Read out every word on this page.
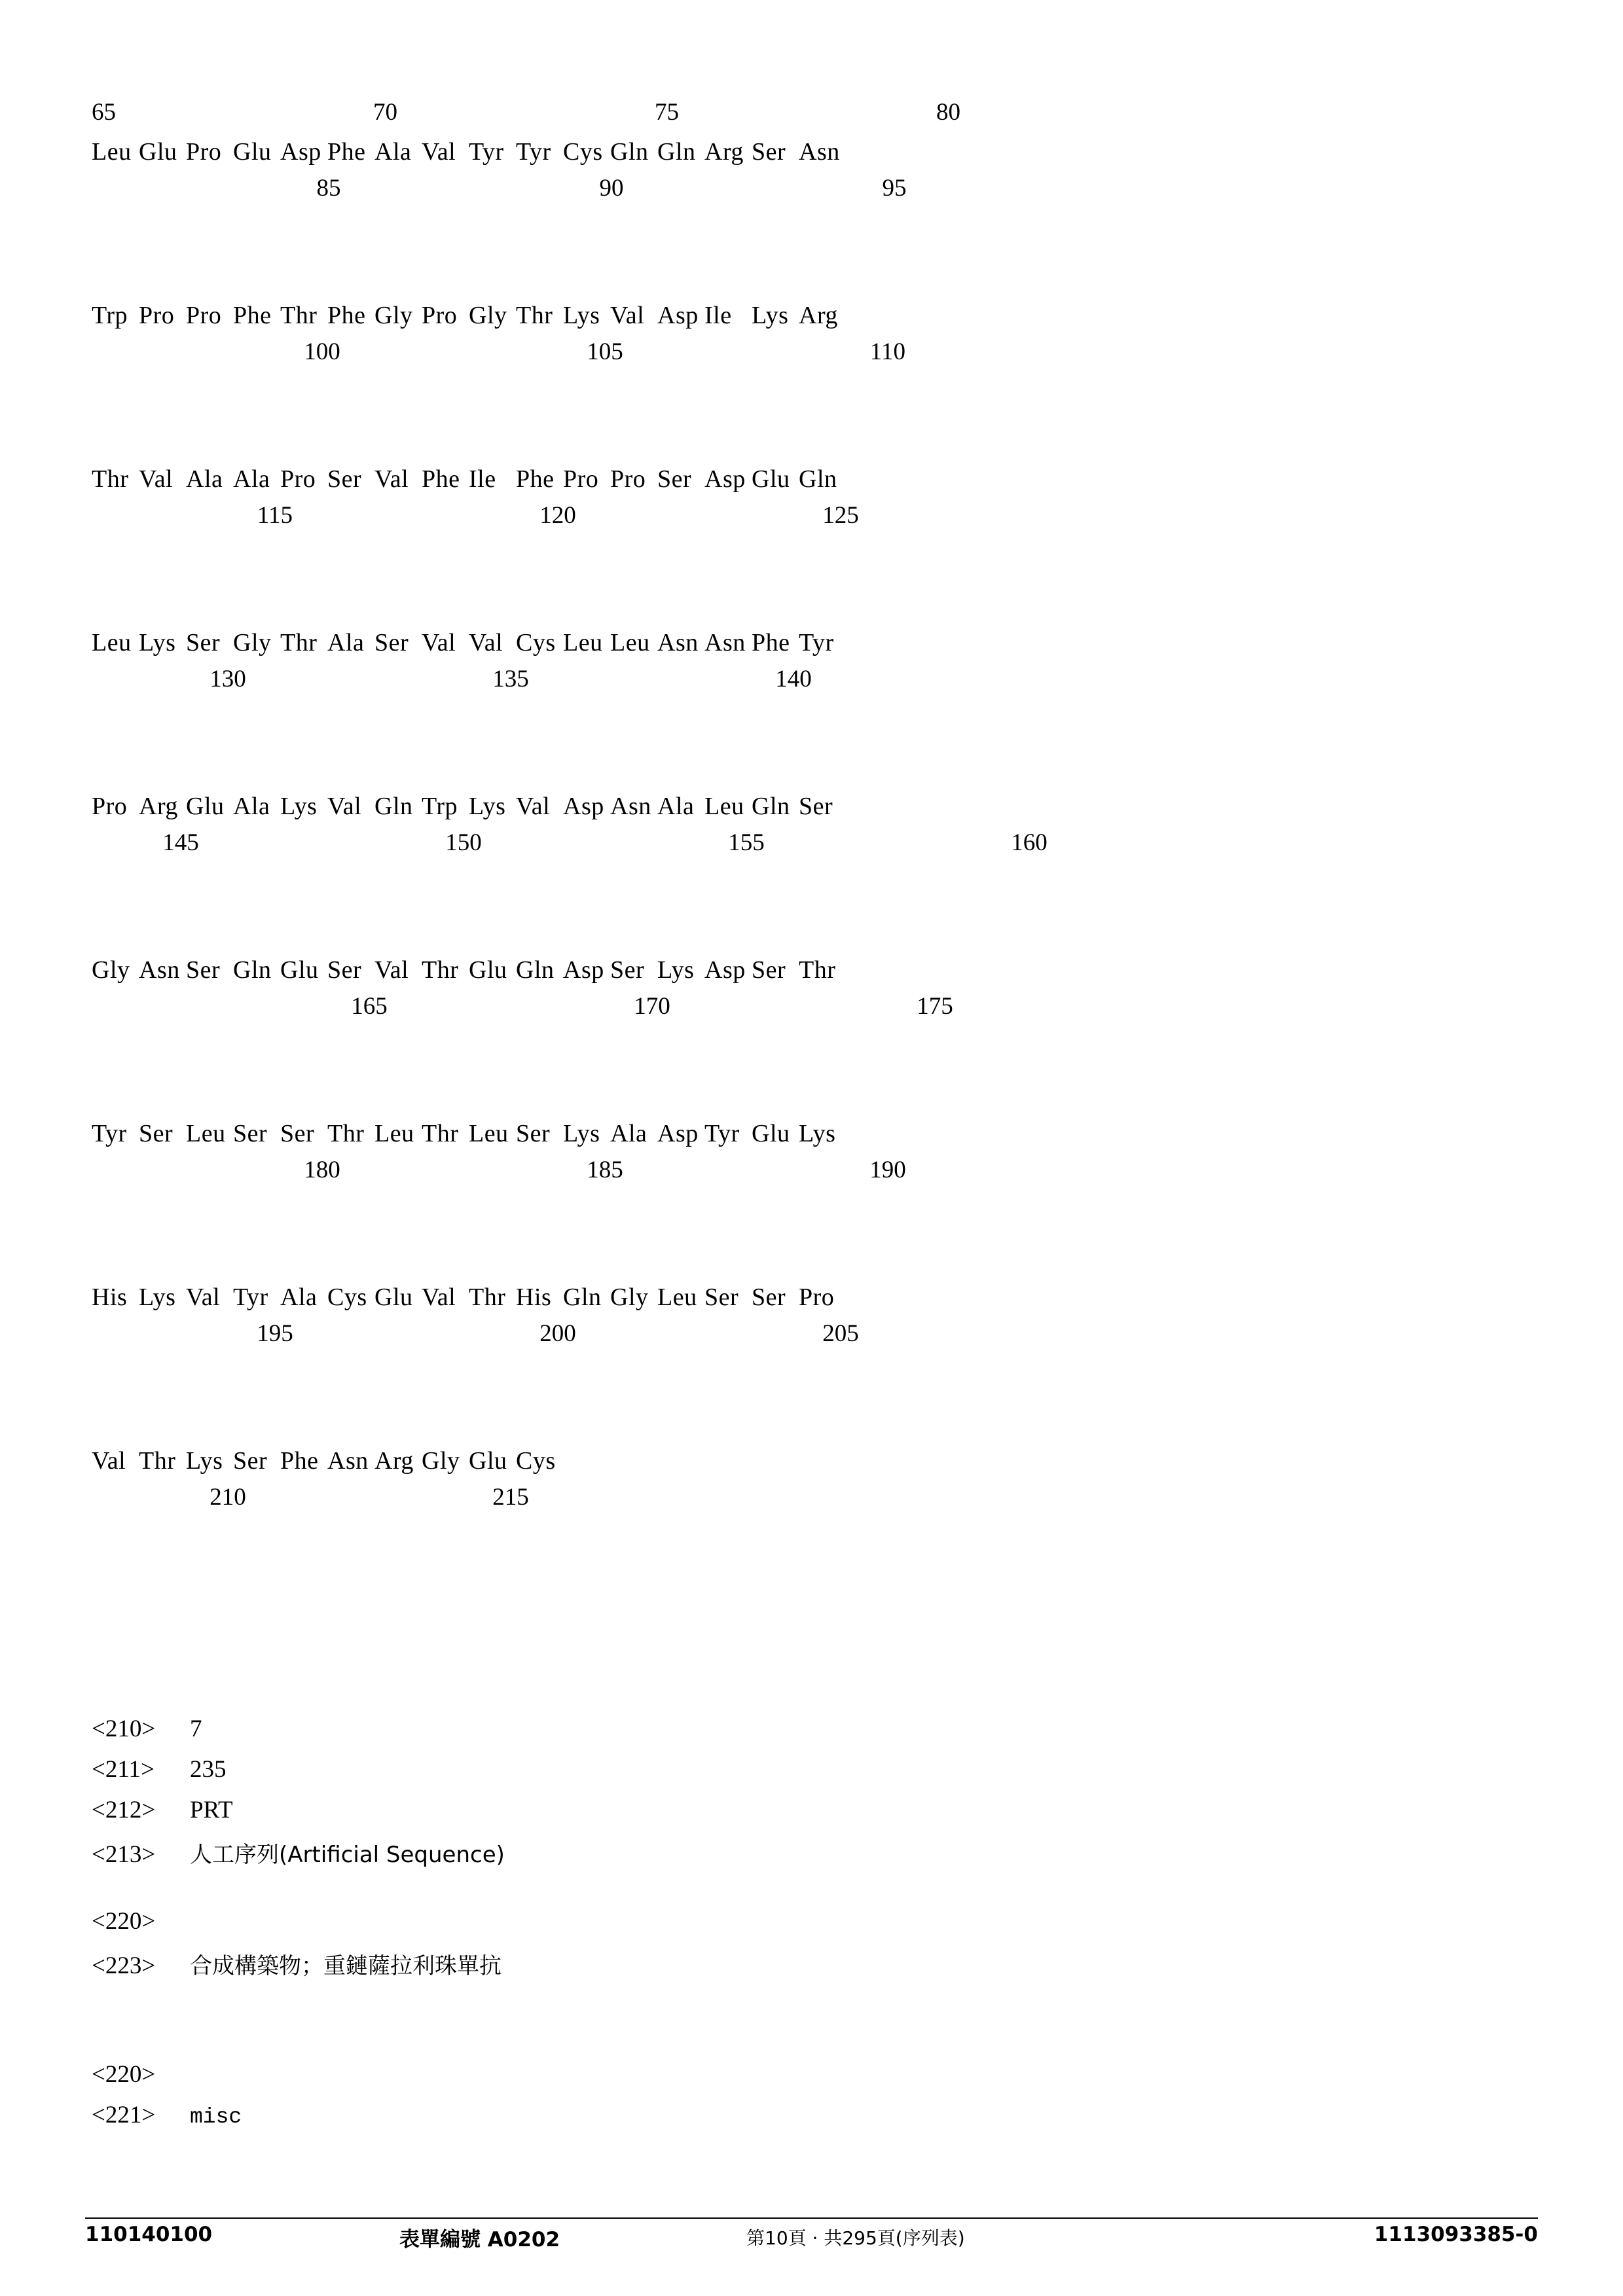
65	70	75	80
Leu Glu Pro Glu Asp Phe Ala Val Tyr Tyr Cys Gln Gln Arg Ser Asn
85	90	95
Trp Pro Pro Phe Thr Phe Gly Pro Gly Thr Lys Val Asp Ile Lys Arg
100	105	110
Thr Val Ala Ala Pro Ser Val Phe Ile Phe Pro Pro Ser Asp Glu Gln
115	120	125
Leu Lys Ser Gly Thr Ala Ser Val Val Cys Leu Leu Asn Asn Phe Tyr
130	135	140
Pro Arg Glu Ala Lys Val Gln Trp Lys Val Asp Asn Ala Leu Gln Ser
145	150	155	160
Gly Asn Ser Gln Glu Ser Val Thr Glu Gln Asp Ser Lys Asp Ser Thr
165	170	175
Tyr Ser Leu Ser Ser Thr Leu Thr Leu Ser Lys Ala Asp Tyr Glu Lys
180	185	190
His Lys Val Tyr Ala Cys Glu Val Thr His Gln Gly Leu Ser Ser Pro
195	200	205
Val Thr Lys Ser Phe Asn Arg Gly Glu Cys
210	215
<210> 7
<211> 235
<212> PRT
<213> 人工序列(Artificial Sequence)
<220>
<223> 合成構築物；重鏈薩拉利珠單抗
<220>
<221> misc
110140100	表單編號 A0202	第10頁 · 共295頁(序列表)	1113093385-0
